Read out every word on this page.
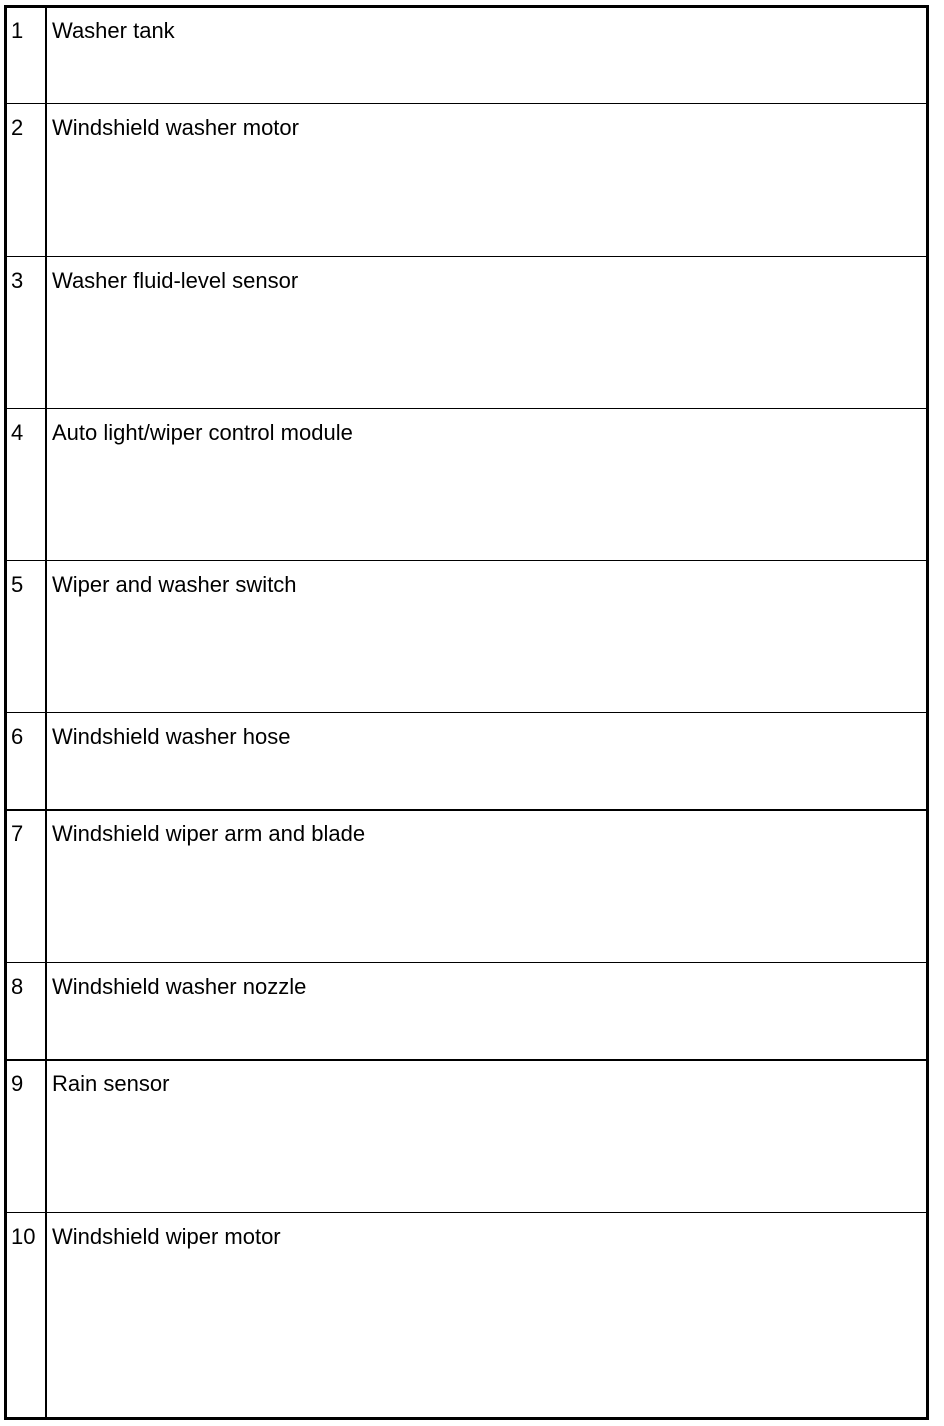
1 Washer tank
2 Windshield washer motor
3 Washer fluid-level sensor
4 Auto light/wiper control module
5 Wiper and washer switch
6 Windshield washer hose
7 Windshield wiper arm and blade
8 Windshield washer nozzle
9 Rain sensor
10 Windshield wiper motor
